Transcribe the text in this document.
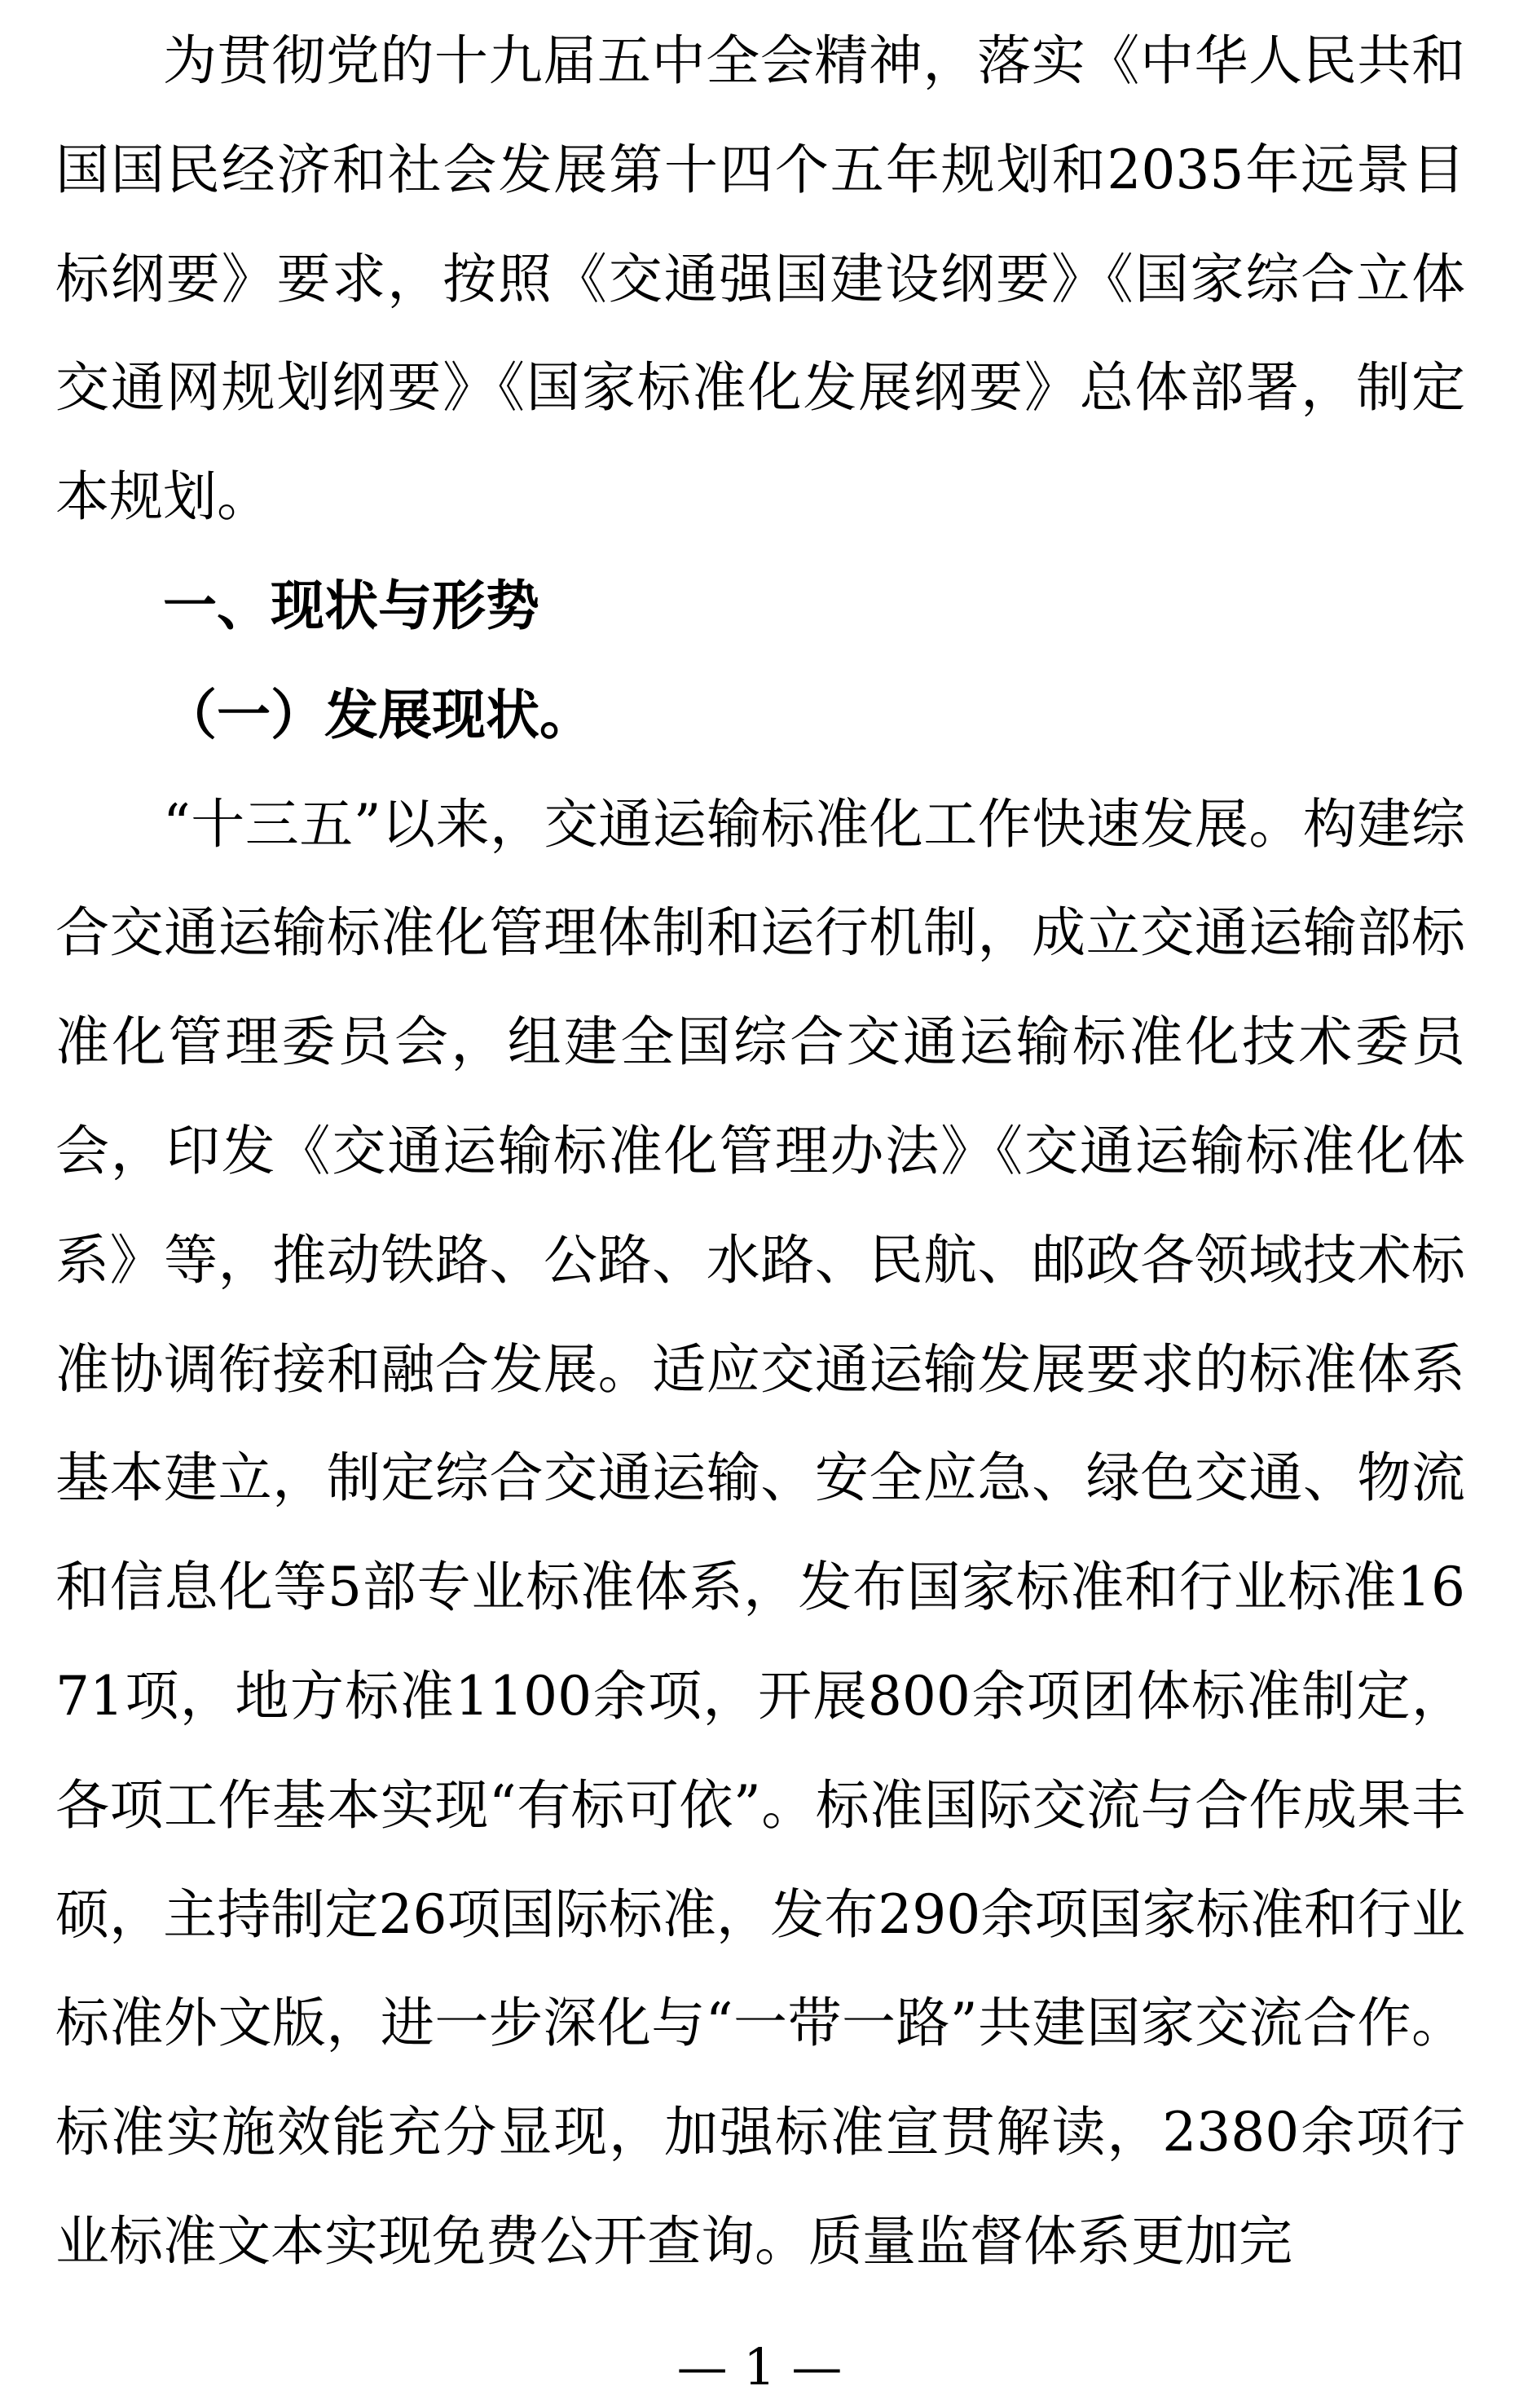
为贯彻党的十九届五中全会精神，落实《中华人民共和国国民经济和社会发展第十四个五年规划和2035年远景目标纲要》要求，按照《交通强国建设纲要》《国家综合立体交通网规划纲要》《国家标准化发展纲要》总体部署，制定本规划。

一、现状与形势

（一）发展现状。

“十三五”以来，交通运输标准化工作快速发展。构建综合交通运输标准化管理体制和运行机制，成立交通运输部标准化管理委员会，组建全国综合交通运输标准化技术委员会，印发《交通运输标准化管理办法》《交通运输标准化体系》等，推动铁路、公路、水路、民航、邮政各领域技术标准协调衔接和融合发展。适应交通运输发展要求的标准体系基本建立，制定综合交通运输、安全应急、绿色交通、物流和信息化等5部专业标准体系，发布国家标准和行业标准1671项，地方标准1100余项，开展800余项团体标准制定，各项工作基本实现“有标可依”。标准国际交流与合作成果丰硕，主持制定26项国际标准，发布290余项国家标准和行业标准外文版，进一步深化与“一带一路”共建国家交流合作。标准实施效能充分显现，加强标准宣贯解读，2380余项行业标准文本实现免费公开查询。质量监督体系更加完

— 1 —
